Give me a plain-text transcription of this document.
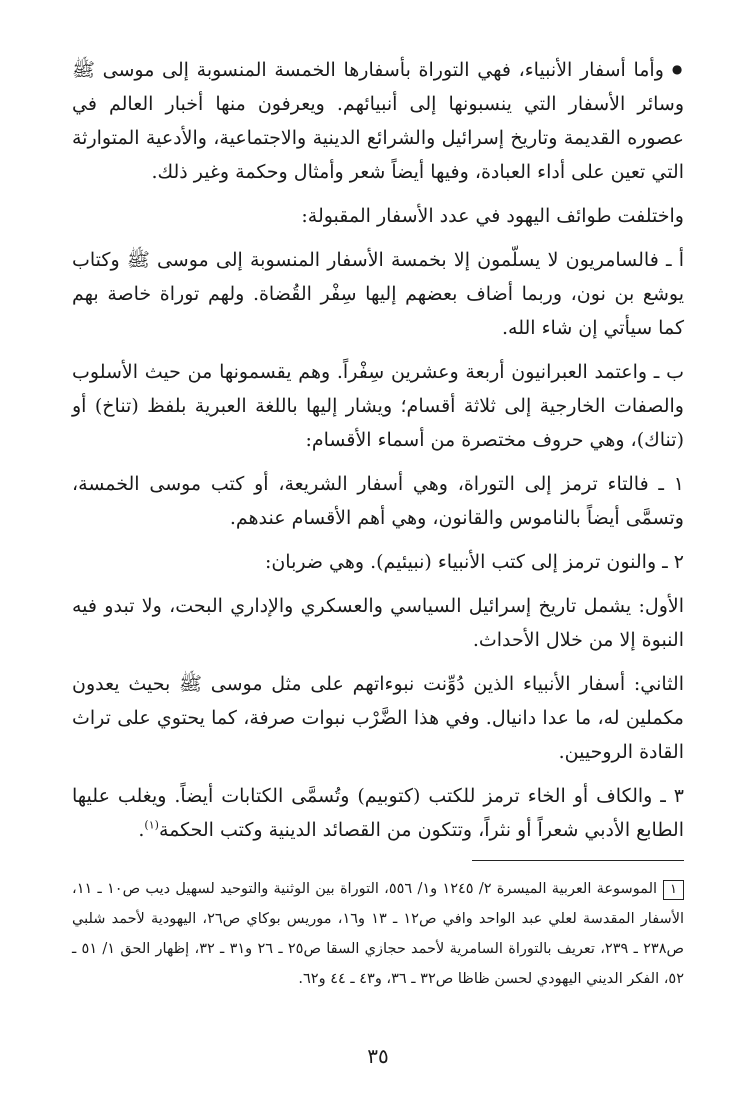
● وأما أسفار الأنبياء، فهي التوراة بأسفارها الخمسة المنسوبة إلى موسى ﷺ وسائر الأسفار التي ينسبونها إلى أنبيائهم. ويعرفون منها أخبار العالم في عصوره القديمة وتاريخ إسرائيل والشرائع الدينية والاجتماعية، والأدعية المتوارثة التي تعين على أداء العبادة، وفيها أيضاً شعر وأمثال وحكمة وغير ذلك.

واختلفت طوائف اليهود في عدد الأسفار المقبولة:

أ ـ فالسامريون لا يسلّمون إلا بخمسة الأسفار المنسوبة إلى موسى ﷺ وكتاب يوشع بن نون، وربما أضاف بعضهم إليها سِفْر القُضاة. ولهم توراة خاصة بهم كما سيأتي إن شاء الله.

ب ـ واعتمد العبرانيون أربعة وعشرين سِفْراً. وهم يقسمونها من حيث الأسلوب والصفات الخارجية إلى ثلاثة أقسام؛ ويشار إليها باللغة العبرية بلفظ (تناخ) أو (تناك)، وهي حروف مختصرة من أسماء الأقسام:

١ ـ فالتاء ترمز إلى التوراة، وهي أسفار الشريعة، أو كتب موسى الخمسة، وتسمَّى أيضاً بالناموس والقانون، وهي أهم الأقسام عندهم.

٢ ـ والنون ترمز إلى كتب الأنبياء (نبيئيم). وهي ضربان:

الأول: يشمل تاريخ إسرائيل السياسي والعسكري والإداري البحت، ولا تبدو فيه النبوة إلا من خلال الأحداث.

الثاني: أسفار الأنبياء الذين دُوِّنت نبوءاتهم على مثل موسى ﷺ بحيث يعدون مكملين له، ما عدا دانيال. وفي هذا الضَّرْب نبوات صرفة، كما يحتوي على تراث القادة الروحيين.

٣ ـ والكاف أو الخاء ترمز للكتب (كتوبيم) وتُسمَّى الكتابات أيضاً. ويغلب عليها الطابع الأدبي شعراً أو نثراً، وتتكون من القصائد الدينية وكتب الحكمة$^{(١)}$.

١الموسوعة العربية الميسرة ٢/ ١٢٤٥ و١/ ٥٥٦، التوراة بين الوثنية والتوحيد لسهيل ديب ص١٠ ـ ١١، الأسفار المقدسة لعلي عبد الواحد وافي ص١٢ ـ ١٣ و١٦، موريس بوكاي ص٢٦، اليهودية لأحمد شلبي ص٢٣٨ ـ ٢٣٩، تعريف بالتوراة السامرية لأحمد حجازي السقا ص٢٥ ـ ٢٦ و٣١ ـ ٣٢، إظهار الحق ١/ ٥١ ـ ٥٢، الفكر الديني اليهودي لحسن ظاظا ص٣٢ ـ ٣٦، و٤٣ ـ ٤٤ و٦٢.
٣٥
